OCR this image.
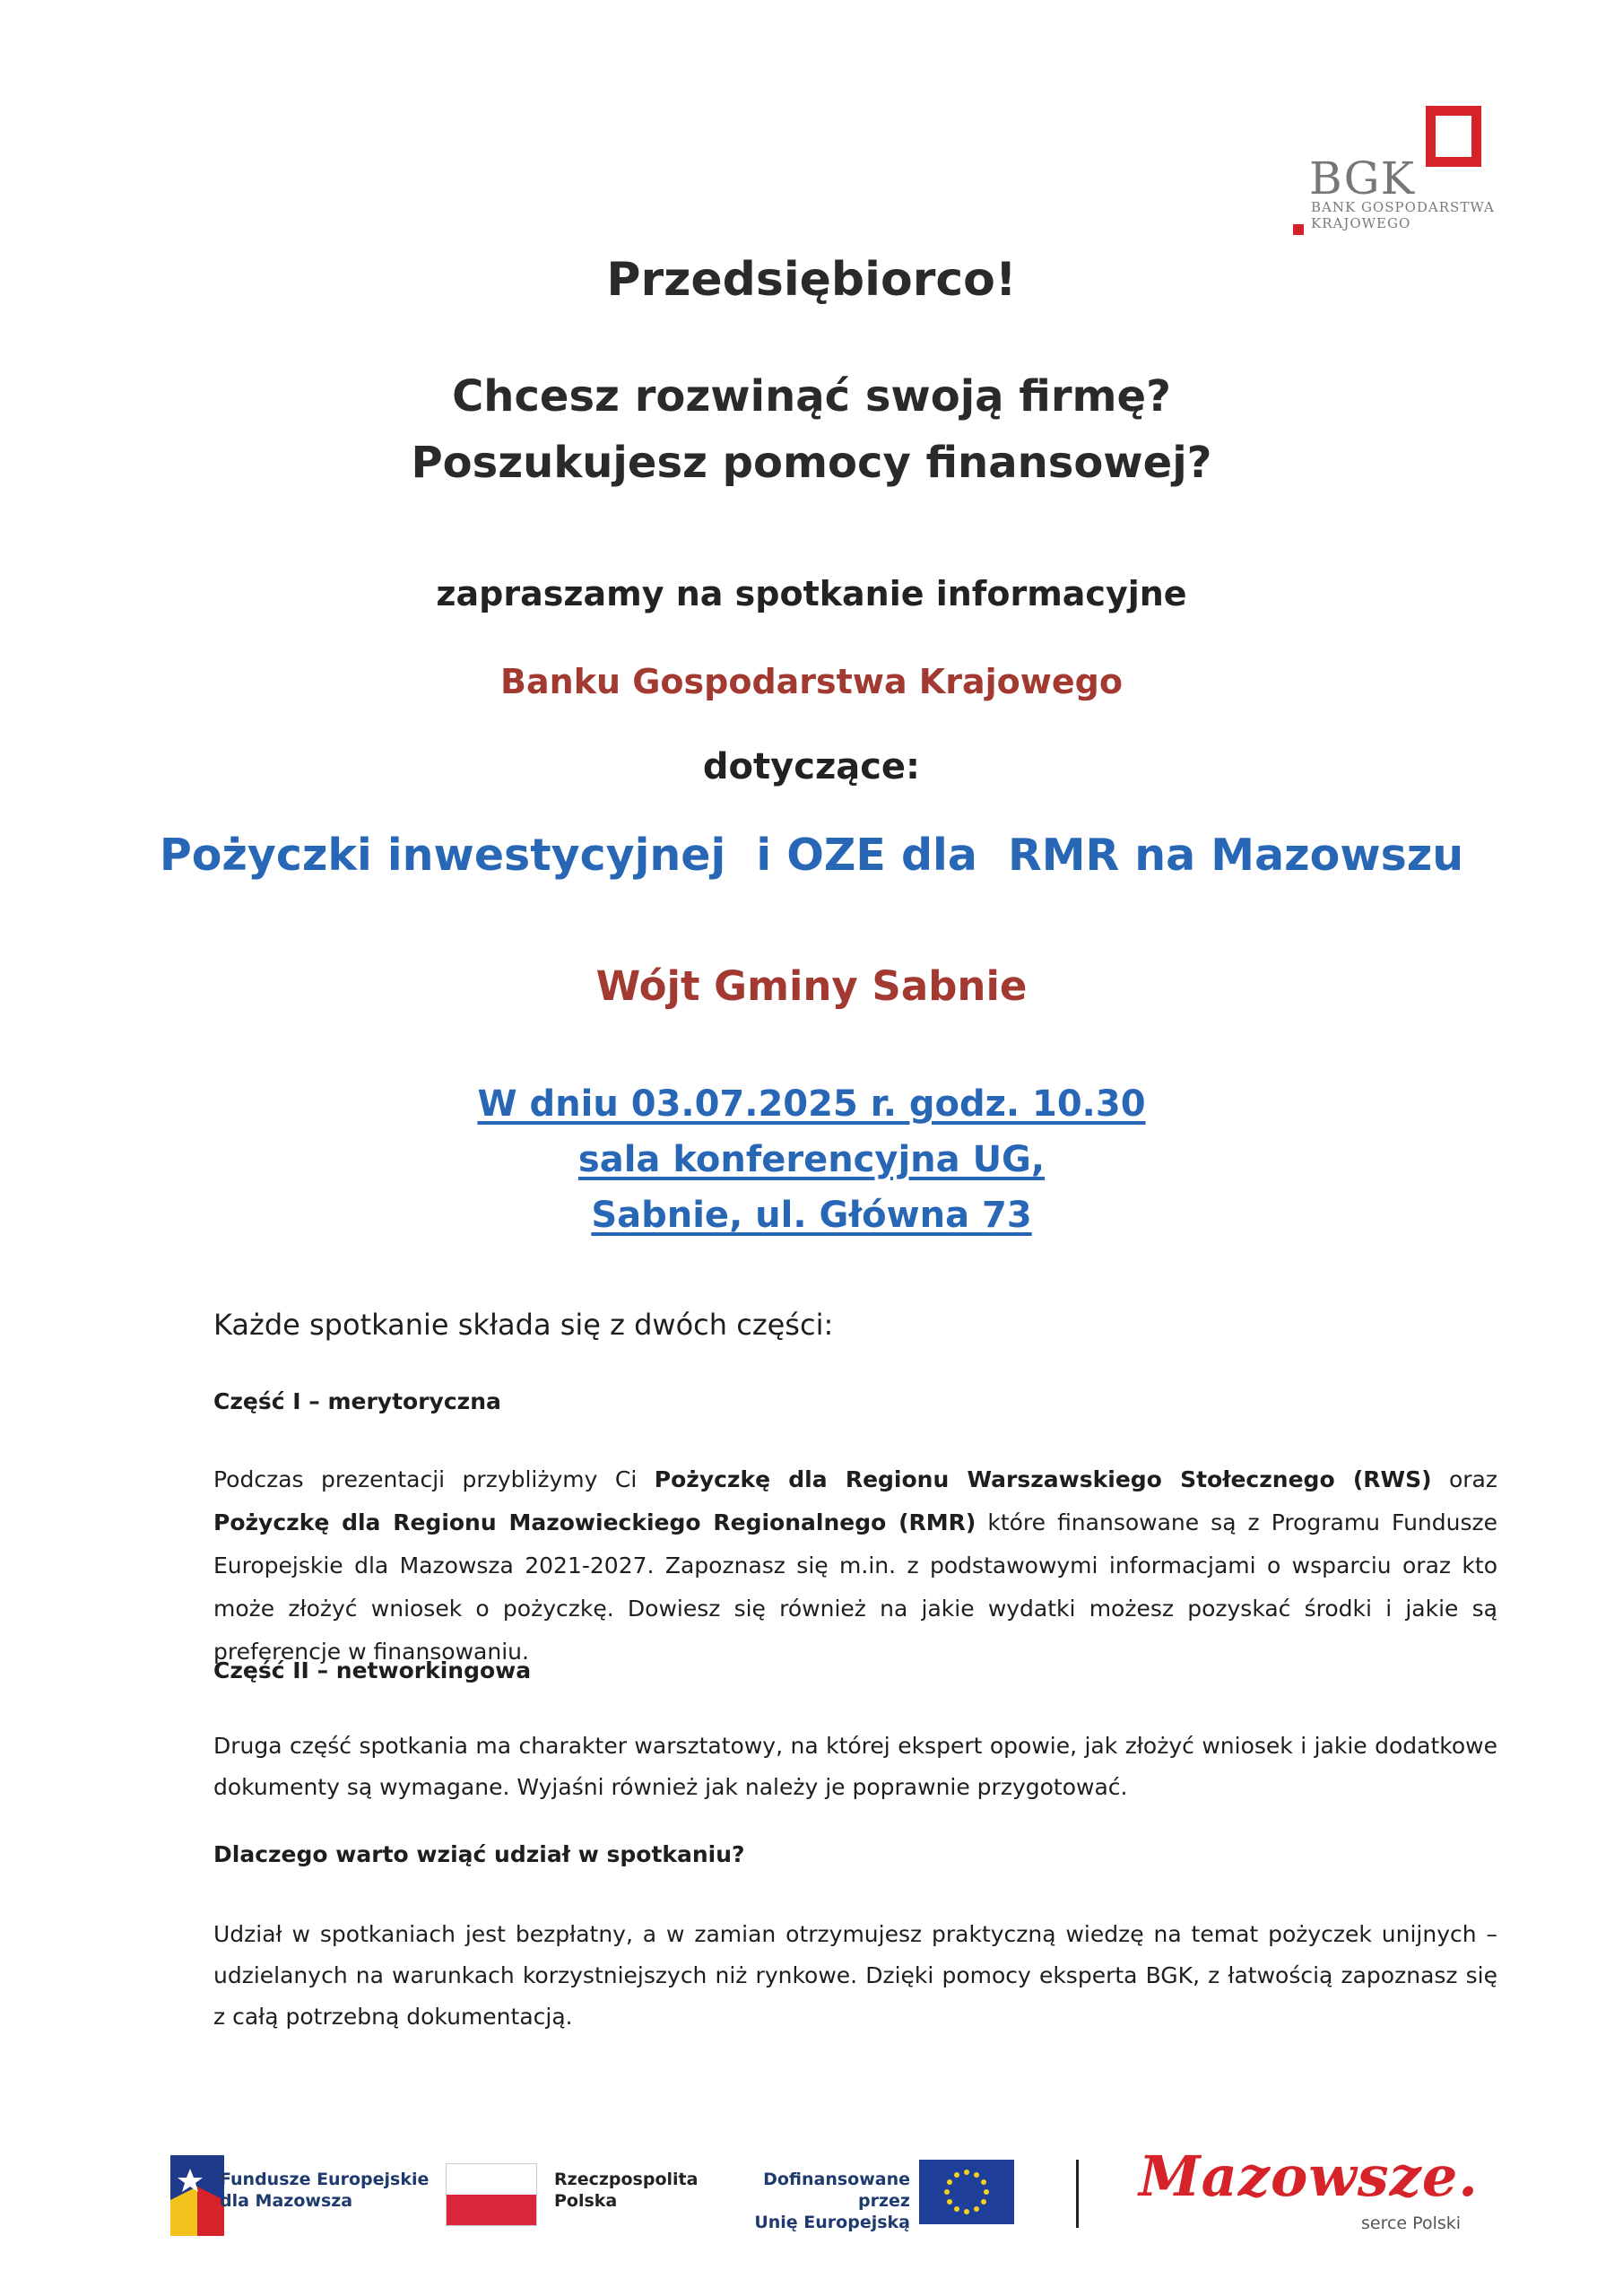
BGK
BANK GOSPODARSTWA
KRAJOWEGO
Przedsiębiorco!
Chcesz rozwinąć swoją firmę?
Poszukujesz pomocy finansowej?
zapraszamy na spotkanie informacyjne
Banku Gospodarstwa Krajowego
dotyczące:
Pożyczki inwestycyjnej  i OZE dla  RMR na Mazowszu
Wójt Gminy Sabnie
W dniu 03.07.2025 r. godz. 10.30
sala konferencyjna UG,
Sabnie, ul. Główna 73
Każde spotkanie składa się z dwóch części:
Część I – merytoryczna
Podczas prezentacji przybliżymy Ci Pożyczkę dla Regionu Warszawskiego Stołecznego (RWS) oraz Pożyczkę dla Regionu Mazowieckiego Regionalnego (RMR) które finansowane są z Programu Fundusze Europejskie dla Mazowsza 2021-2027. Zapoznasz się m.in. z podstawowymi informacjami o wsparciu oraz kto może złożyć wniosek o pożyczkę. Dowiesz się również na jakie wydatki możesz pozyskać środki i jakie są preferencje w finansowaniu.
Część II – networkingowa
Druga część spotkania ma charakter warsztatowy, na której ekspert opowie, jak złożyć wniosek i jakie dodatkowe dokumenty są wymagane. Wyjaśni również jak należy je poprawnie przygotować.
Dlaczego warto wziąć udział w spotkaniu?
Udział w spotkaniach jest bezpłatny, a w zamian otrzymujesz praktyczną wiedzę na temat pożyczek unijnych – udzielanych na warunkach korzystniejszych niż rynkowe. Dzięki pomocy eksperta BGK, z łatwością zapoznasz się z całą potrzebną dokumentacją.
Fundusze Europejskie
dla Mazowsza
Rzeczpospolita
Polska
Dofinansowane przez
Unię Europejską
Mazowsze.
serce Polski
